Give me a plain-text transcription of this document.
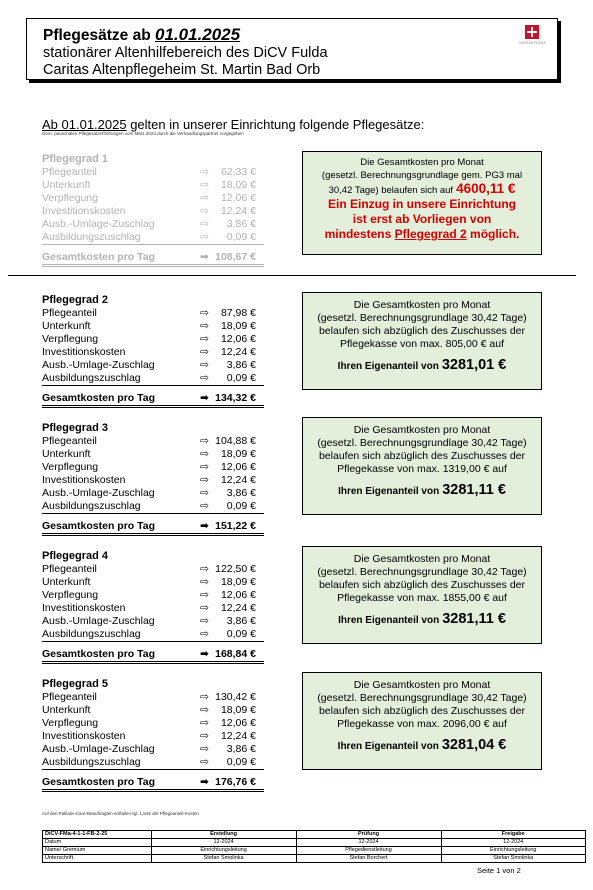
Pflegesätze ab 01.01.2025
stationärer Altenhilfebereich des DiCV Fulda
Caritas Altenpflegeheim St. Martin Bad Orb
CARITAS FULDA
Ab 01.01.2025 gelten in unserer Einrichtung folgende Pflegesätze:
Gem. pauschalen Pflegesatzerhöhungen vom März 2024 durch die Verhandlungspartner vorgegeben
Pflegegrad 1
Pflegeanteil	⇨ 62,33 €
Unterkunft	⇨ 18,09 €
Verpflegung	⇨ 12,06 €
Investitionskosten	⇨ 12,24 €
Ausb.-Umlage-Zuschlag	⇨ 3,86 €
Ausbildungszuschlag	⇨ 0,09 €
Gesamtkosten pro Tag	➡ 108,67 €
Die Gesamtkosten pro Monat
(gesetzl. Berechnungsgrundlage gem. PG3 mal
30,42 Tage) belaufen sich auf 4600,11 €
Ein Einzug in unsere Einrichtung
ist erst ab Vorliegen von
mindestens Pflegegrad 2 möglich.
Pflegegrad 2
Pflegeanteil	⇨ 87,98 €
Unterkunft	⇨ 18,09 €
Verpflegung	⇨ 12,06 €
Investitionskosten	⇨ 12,24 €
Ausb.-Umlage-Zuschlag	⇨ 3,86 €
Ausbildungszuschlag	⇨ 0,09 €
Gesamtkosten pro Tag	➡ 134,32 €
Die Gesamtkosten pro Monat
(gesetzl. Berechnungsgrundlage 30,42 Tage)
belaufen sich abzüglich des Zuschusses der
Pflegekasse von max. 805,00 € auf
Ihren Eigenanteil von 3281,01 €
Pflegegrad 3
Pflegeanteil	⇨ 104,88 €
Unterkunft	⇨ 18,09 €
Verpflegung	⇨ 12,06 €
Investitionskosten	⇨ 12,24 €
Ausb.-Umlage-Zuschlag	⇨ 3,86 €
Ausbildungszuschlag	⇨ 0,09 €
Gesamtkosten pro Tag	➡ 151,22 €
Die Gesamtkosten pro Monat
(gesetzl. Berechnungsgrundlage 30,42 Tage)
belaufen sich abzüglich des Zuschusses der
Pflegekasse von max. 1319,00 € auf
Ihren Eigenanteil von 3281,11 €
Pflegegrad 4
Pflegeanteil	⇨ 122,50 €
Unterkunft	⇨ 18,09 €
Verpflegung	⇨ 12,06 €
Investitionskosten	⇨ 12,24 €
Ausb.-Umlage-Zuschlag	⇨ 3,86 €
Ausbildungszuschlag	⇨ 0,09 €
Gesamtkosten pro Tag	➡ 168,84 €
Die Gesamtkosten pro Monat
(gesetzl. Berechnungsgrundlage 30,42 Tage)
belaufen sich abzüglich des Zuschusses der
Pflegekasse von max. 1855,00 € auf
Ihren Eigenanteil von 3281,11 €
Pflegegrad 5
Pflegeanteil	⇨ 130,42 €
Unterkunft	⇨ 18,09 €
Verpflegung	⇨ 12,06 €
Investitionskosten	⇨ 12,24 €
Ausb.-Umlage-Zuschlag	⇨ 3,86 €
Ausbildungszuschlag	⇨ 0,09 €
Gesamtkosten pro Tag	➡ 176,76 €
Die Gesamtkosten pro Monat
(gesetzl. Berechnungsgrundlage 30,42 Tage)
belaufen sich abzüglich des Zuschusses der
Pflegekasse von max. 2096,00 € auf
Ihren Eigenanteil von 3281,04 €
Auf den Palliativ-Care-Beauftragten entfallen tgl. 1,84€ der Pflegeanteil-Kosten
DiCV-FMa-4-1-1-FB-2-25	Erstellung	Prüfung	Freigabe
Datum	12-2024	12-2024	12-2024
Name/ Gremium	Einrichtungsleitung	Pflegedienstleitung	Einrichtungsleitung
Unterschrift	Stefan Smolinka	Stefan Borchert	Stefan Smolinka
Seite 1 von 2
